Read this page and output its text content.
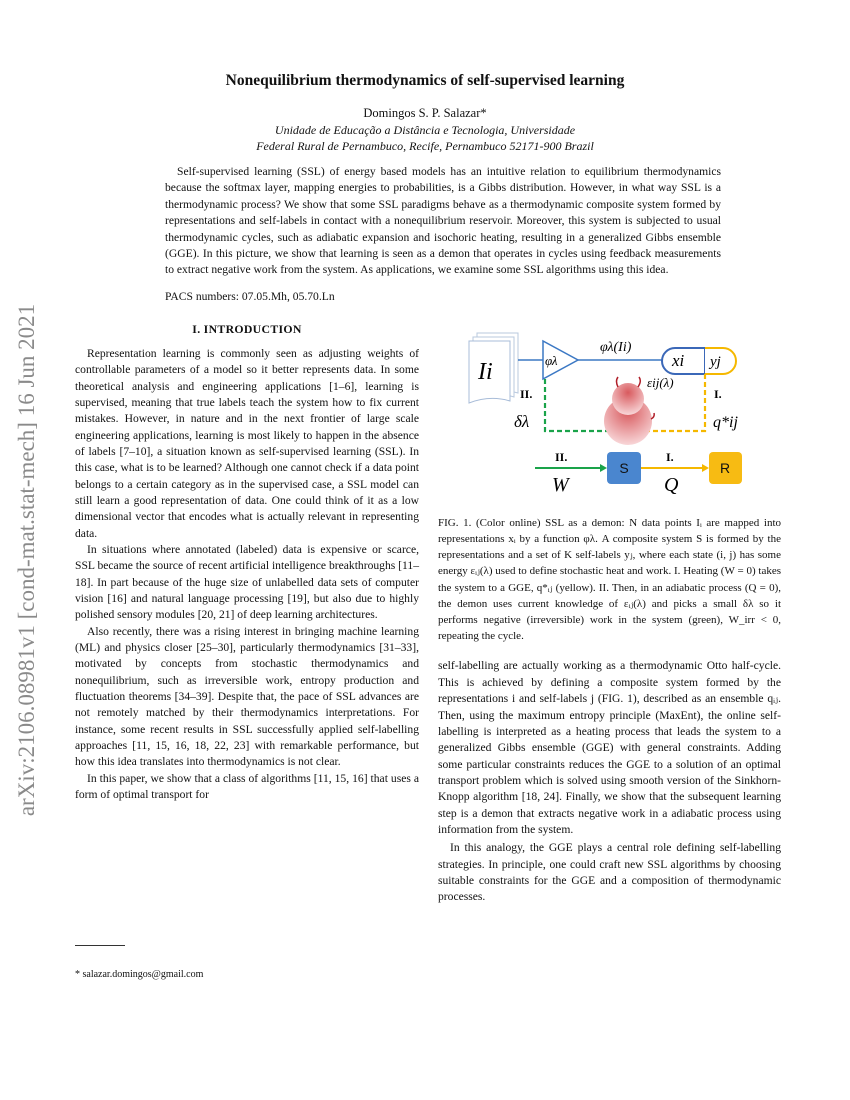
arXiv:2106.08981v1 [cond-mat.stat-mech] 16 Jun 2021
Nonequilibrium thermodynamics of self-supervised learning
Domingos S. P. Salazar*
Unidade de Educação a Distância e Tecnologia, Universidade
Federal Rural de Pernambuco, Recife, Pernambuco 52171-900 Brazil
Self-supervised learning (SSL) of energy based models has an intuitive relation to equilibrium thermodynamics because the softmax layer, mapping energies to probabilities, is a Gibbs distribution. However, in what way SSL is a thermodynamic process? We show that some SSL paradigms behave as a thermodynamic composite system formed by representations and self-labels in contact with a nonequilibrium reservoir. Moreover, this system is subjected to usual thermodynamic cycles, such as adiabatic expansion and isochoric heating, resulting in a generalized Gibbs ensemble (GGE). In this picture, we show that learning is seen as a demon that operates in cycles using feedback measurements to extract negative work from the system. As applications, we examine some SSL algorithms using this idea.
PACS numbers: 07.05.Mh, 05.70.Ln
I. INTRODUCTION

Representation learning is commonly seen as adjusting weights of controllable parameters of a model so it better represents data. In some theoretical analysis and engineering applications [1–6], learning is supervised, meaning that true labels teach the system how to fix current mistakes. However, in nature and in the next frontier of large scale engineering applications, learning is most likely to happen in the absence of labels [7–10], a situation known as self-supervised learning (SSL). In this case, what is to be learned? Although one cannot check if a data point belongs to a certain category as in the supervised case, a SSL model can still learn a good representation of data. One could think of it as a low dimensional vector that encodes what is actually relevant in representing data.

In situations where annotated (labeled) data is expensive or scarce, SSL became the source of recent artificial intelligence breakthroughs [11–18]. In part because of the huge size of unlabelled data sets of computer vision [16] and natural language processing [19], but also due to highly polished sensory modules [20, 21] of deep learning architectures.

Also recently, there was a rising interest in bringing machine learning (ML) and physics closer [25–30], particularly thermodynamics [31–33], motivated by concepts from stochastic thermodynamics and nonequilibrium, such as irreversible work, entropy production and fluctuation theorems [34–39]. Despite that, the pace of SSL advances are not remotely matched by their thermodynamics interpretations. For instance, some recent results in SSL successfully applied self-labelling approaches [11, 15, 16, 18, 22, 23] with remarkable performance, but how this idea translates into thermodynamics is not clear.

In this paper, we show that a class of algorithms [11, 15, 16] that uses a form of optimal transport for

* salazar.domingos@gmail.com
Ii	φλ
φλ(Ii)
xi yj
εij(λ)
II.	I.
δλ	q*ij
II.
W
S
I.
Q
R
FIG. 1. (Color online) SSL as a demon: N data points Iᵢ are mapped into representations xᵢ by a function φλ. A composite system S is formed by the representations and a set of K self-labels yⱼ, where each state (i, j) has some energy εᵢⱼ(λ) used to define stochastic heat and work. I. Heating (W = 0) takes the system to a GGE, q*ᵢⱼ (yellow). II. Then, in an adiabatic process (Q = 0), the demon uses current knowledge of εᵢⱼ(λ) and picks a small δλ so it performs negative (irreversible) work in the system (green), W_irr < 0, repeating the cycle.

self-labelling are actually working as a thermodynamic Otto half-cycle. This is achieved by defining a composite system formed by the representations i and self-labels j (FIG. 1), described as an ensemble qᵢⱼ. Then, using the maximum entropy principle (MaxEnt), the online self-labelling is interpreted as a heating process that leads the system to a generalized Gibbs ensemble (GGE) with general constraints. Adding some particular constraints reduces the GGE to a solution of an optimal transport problem which is solved using smooth version of the Sinkhorn-Knopp algorithm [18, 24]. Finally, we show that the subsequent learning step is a demon that extracts negative work in a adiabatic process using information from the system.

In this analogy, the GGE plays a central role defining self-labelling strategies. In principle, one could craft new SSL algorithms by choosing suitable constraints for the GGE and a composition of thermodynamic processes.
